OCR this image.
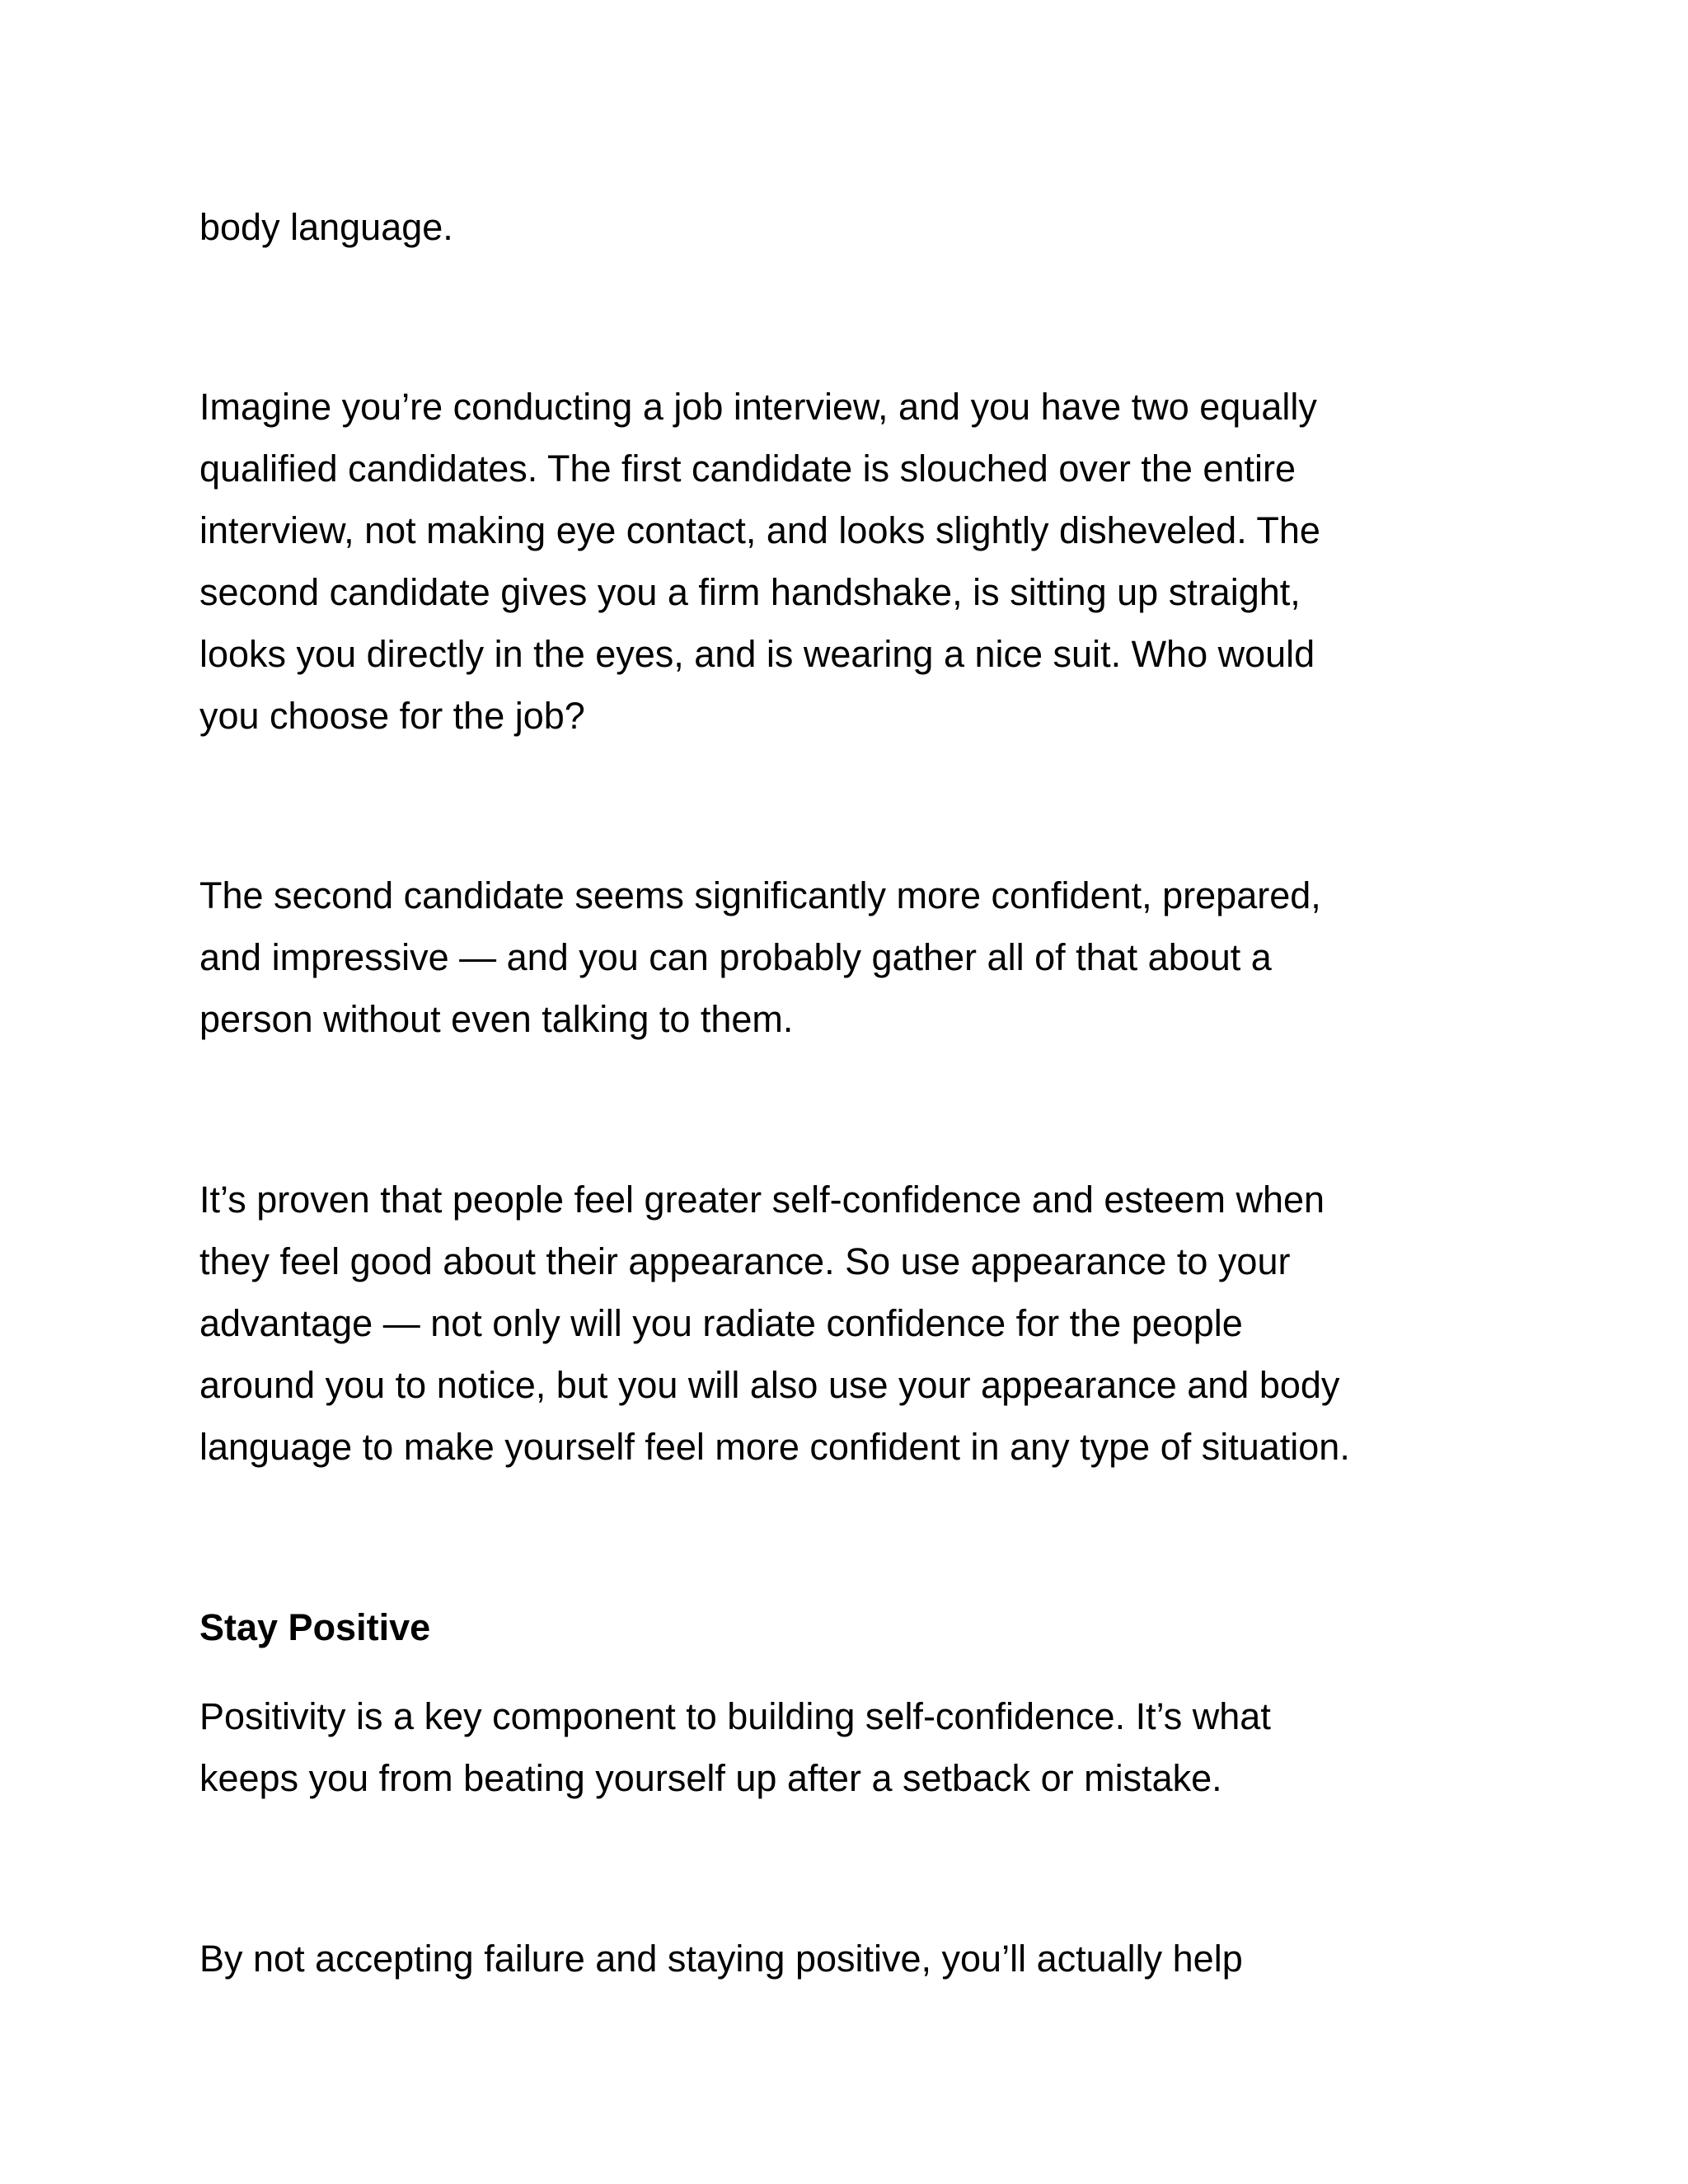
body language.

Imagine you’re conducting a job interview, and you have two equally
qualified candidates. The first candidate is slouched over the entire
interview, not making eye contact, and looks slightly disheveled. The
second candidate gives you a firm handshake, is sitting up straight,
looks you directly in the eyes, and is wearing a nice suit. Who would
you choose for the job?

The second candidate seems significantly more confident, prepared,
and impressive — and you can probably gather all of that about a
person without even talking to them.

It’s proven that people feel greater self-confidence and esteem when
they feel good about their appearance. So use appearance to your
advantage — not only will you radiate confidence for the people
around you to notice, but you will also use your appearance and body
language to make yourself feel more confident in any type of situation.

Stay Positive

Positivity is a key component to building self-confidence. It’s what
keeps you from beating yourself up after a setback or mistake.

By not accepting failure and staying positive, you’ll actually help
